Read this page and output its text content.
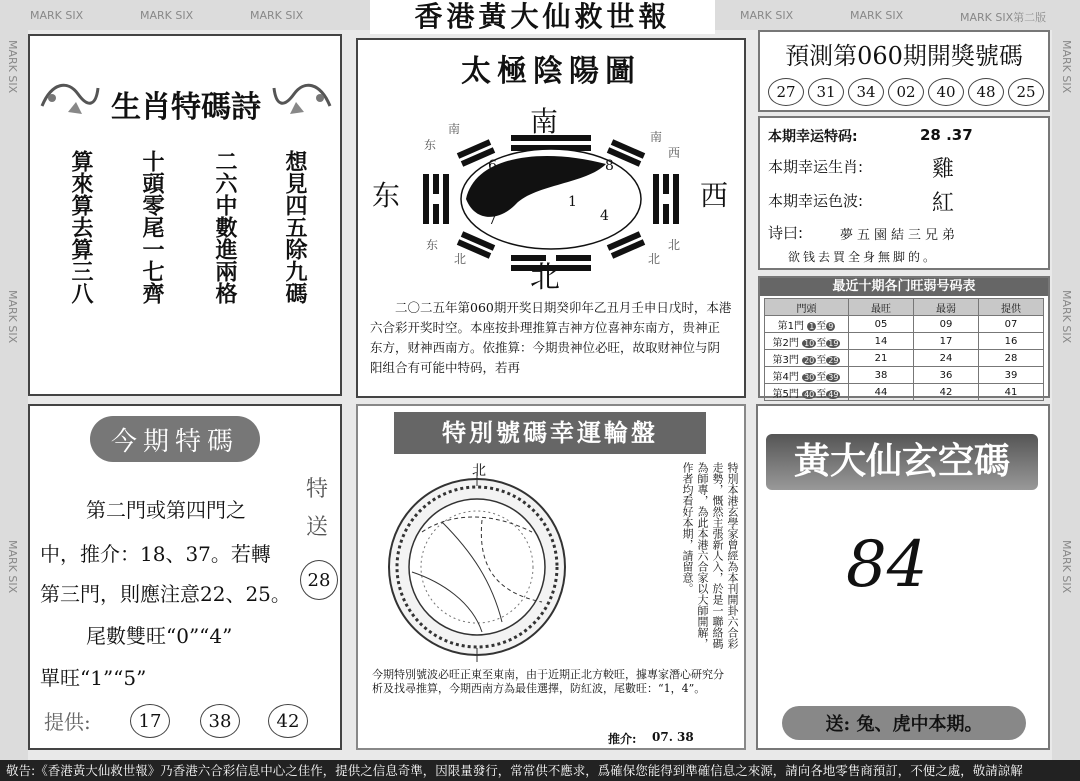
MARK SIX	MARK SIX	MARK SIX	MARK SIX	MARK SIX	MARK SIX第二版
MARK SIX
MARK SIX
MARK SIX
MARK SIX
MARK SIX
MARK SIX
香港黃大仙救世報
生肖特碼詩
算來算去算三八	十頭零尾一七齊	二六中數進兩格	想見四五除九碼
太極陰陽圖
南
东	西
北
6	8
1
7	4
东
南
南
西
北	北
东	北
二〇二五年第060期开奖日期癸卯年乙丑月壬申日戊时，本港六合彩开奖时空。本座按卦理推算吉神方位喜神东南方，贵神正东方，财神西南方。依推算：今期贵神位必旺，故取财神位与阴阳组合有可能中特码，若再
預測第060期開獎號碼
27	31	34	02	40	48	25
本期幸运特码:	28 .37
本期幸运生肖:	雞
本期幸运色波:	紅
诗曰:	夢五園結三兄弟
欲钱去買全身無脚的。
最近十期各门旺弱号码表
門頭	最旺	最弱	提供
第1門 1 至 9	05	09	07
第2門 10 至 19	14	17	16
第3門 20 至 29	21	24	28
第4門 30 至 39	38	36	39
第5門 40 至 49	44	42	41
今期特碼
特
送
28
第二門或第四門之
中，推介：18、37。若轉
第三門，則應注意22、25。
尾數雙旺“0”“4”
單旺“1”“5”
提供:	17	38	42
特別號碼幸運輪盤
北	特別本港玄學家曾經為本刊開卦六合彩走勢，慨然主張新人入，於是一聯絡碼為師專，為此本港六合家以大師開解，作者均看好本期，請留意。
今期特別號波必旺正東至東南，由于近期正北方較旺，據專家潛心研究分析及找尋推算，今期西南方為最佳選擇，防紅波，尾數旺：“1，4”。
推介: 07. 38
黃大仙玄空碼
84
送: 兔、虎中本期。
敬告:《香港黃大仙救世報》乃香港六合彩信息中心之佳作，提供之信息奇準，因限量發行，常常供不應求，爲確保您能得到準確信息之來源，請向各地零售商預訂，不便之處，敬請諒解
